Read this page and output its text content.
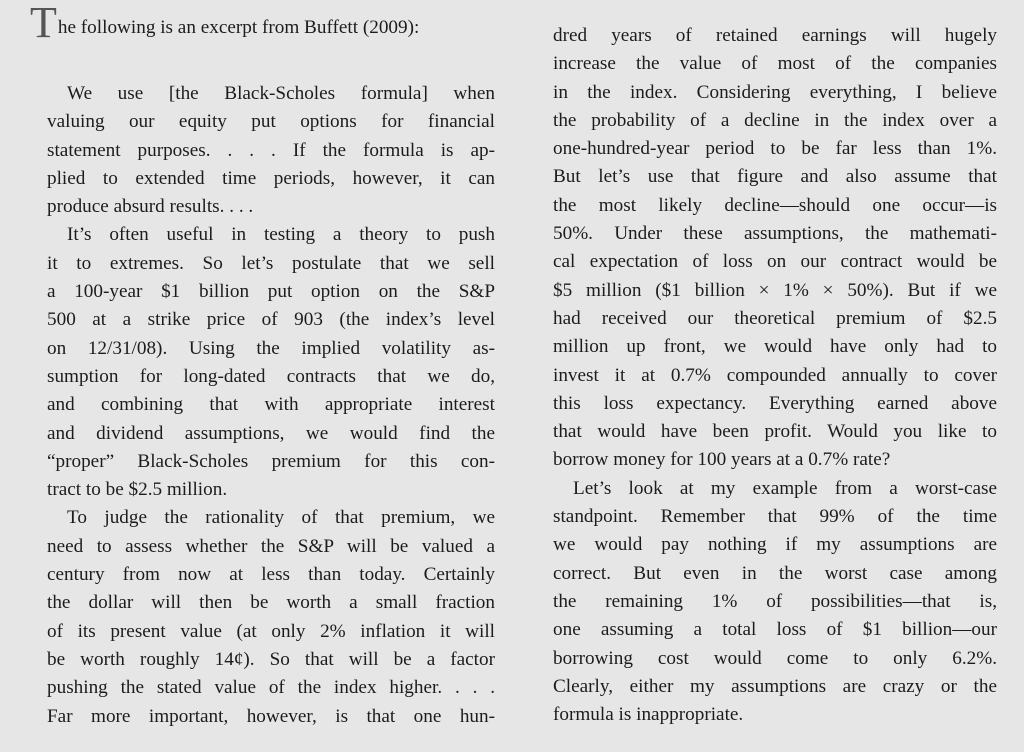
The following is an excerpt from Buffett (2009):
We use [the Black-Scholes formula] when
valuing our equity put options for financial
statement purposes. . . . If the formula is ap-
plied to extended time periods, however, it can
produce absurd results. . . .
It’s often useful in testing a theory to push
it to extremes. So let’s postulate that we sell
a 100-year $1 billion put option on the S&P
500 at a strike price of 903 (the index’s level
on 12/31/08). Using the implied volatility as-
sumption for long-dated contracts that we do,
and combining that with appropriate interest
and dividend assumptions, we would find the
“proper” Black-Scholes premium for this con-
tract to be $2.5 million.
To judge the rationality of that premium, we
need to assess whether the S&P will be valued a
century from now at less than today. Certainly
the dollar will then be worth a small fraction
of its present value (at only 2% inflation it will
be worth roughly 14¢). So that will be a factor
pushing the stated value of the index higher. . . .
Far more important, however, is that one hun-
dred years of retained earnings will hugely
increase the value of most of the companies
in the index. Considering everything, I believe
the probability of a decline in the index over a
one-hundred-year period to be far less than 1%.
But let’s use that figure and also assume that
the most likely decline—should one occur—is
50%. Under these assumptions, the mathemati-
cal expectation of loss on our contract would be
$5 million ($1 billion × 1% × 50%). But if we
had received our theoretical premium of $2.5
million up front, we would have only had to
invest it at 0.7% compounded annually to cover
this loss expectancy. Everything earned above
that would have been profit. Would you like to
borrow money for 100 years at a 0.7% rate?
Let’s look at my example from a worst-case
standpoint. Remember that 99% of the time
we would pay nothing if my assumptions are
correct. But even in the worst case among
the remaining 1% of possibilities—that is,
one assuming a total loss of $1 billion—our
borrowing cost would come to only 6.2%.
Clearly, either my assumptions are crazy or the
formula is inappropriate.
